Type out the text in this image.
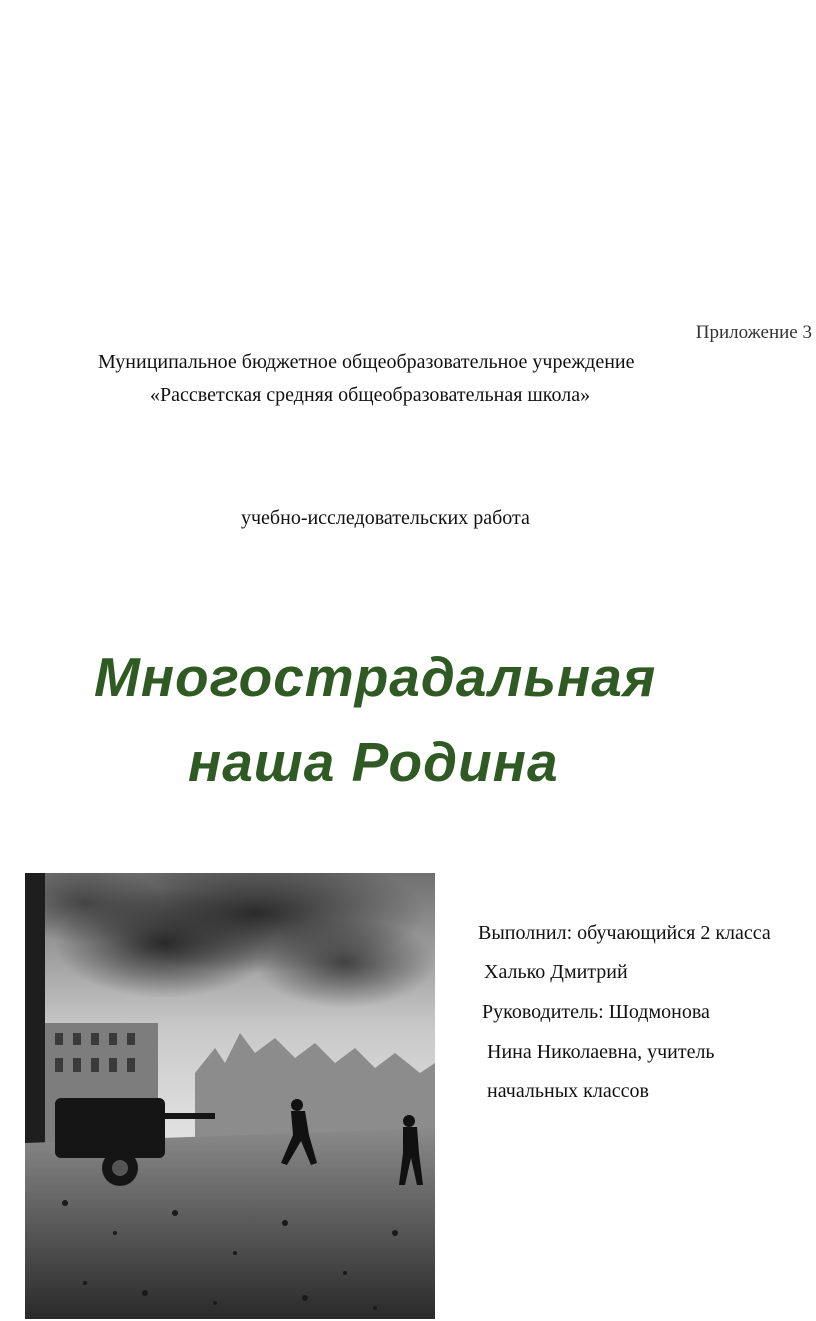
Приложение 3
Муниципальное бюджетное общеобразовательное учреждение
«Рассветская средняя общеобразовательная школа»
учебно-исследовательских работа
Многострадальная
наша Родина
Выполнил: обучающийся 2 класса
Халько Дмитрий
Руководитель: Шодмонова
Нина Николаевна, учитель
начальных классов
